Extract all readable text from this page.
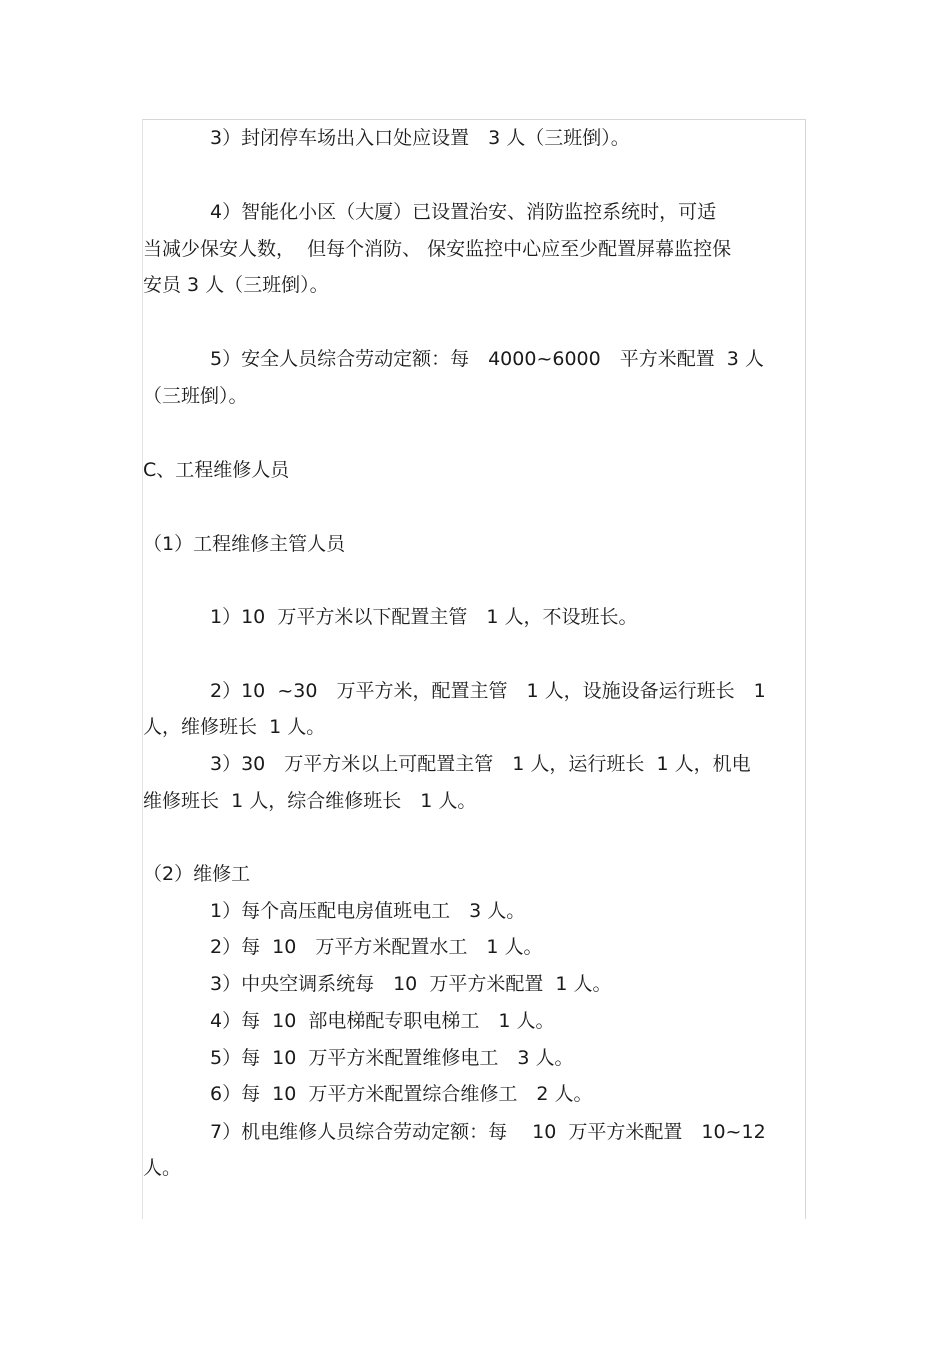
3）封闭停车场出入口处应设置　3 人（三班倒）。
4）智能化小区（大厦）已设置治安、消防监控系统时，可适
当减少保安人数，  但每个消防、 保安监控中心应至少配置屏幕监控保
安员 3 人（三班倒）。
5）安全人员综合劳动定额：每　4000~6000　平方米配置  3 人
（三班倒）。
C、工程维修人员
（1）工程维修主管人员
1）10  万平方米以下配置主管　1 人，不设班长。
2）10  ~30　万平方米，配置主管　1 人，设施设备运行班长　1
人，维修班长  1 人。
3）30　万平方米以上可配置主管　1 人，运行班长  1 人，机电
维修班长  1 人，综合维修班长　1 人。
（2）维修工
1）每个高压配电房值班电工　3 人。
2）每  10　万平方米配置水工　1 人。
3）中央空调系统每　10  万平方米配置  1 人。
4）每  10  部电梯配专职电梯工　1 人。
5）每  10  万平方米配置维修电工　3 人。
6）每  10  万平方米配置综合维修工　2 人。
7）机电维修人员综合劳动定额：每　 10  万平方米配置　10~12
人。
